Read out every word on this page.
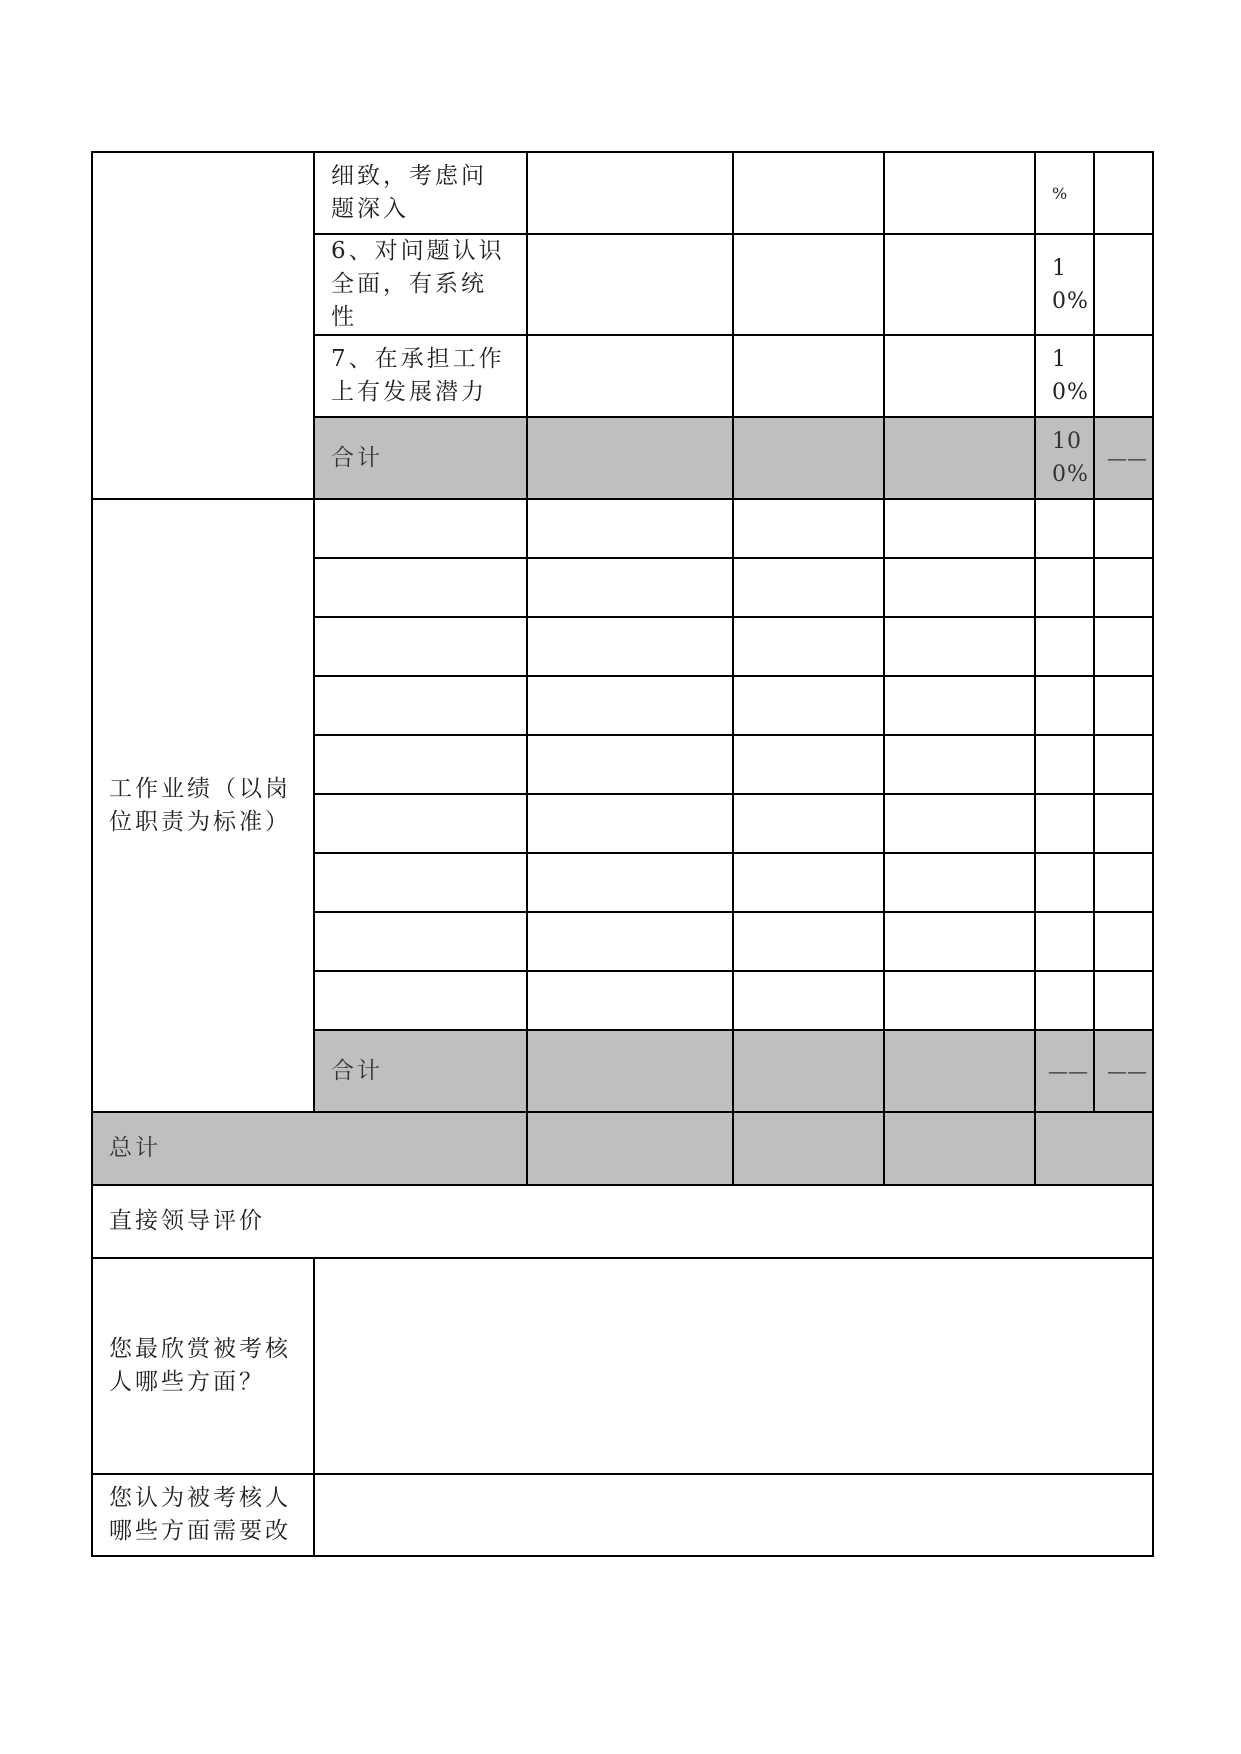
	细致，考虑问题深入				%	
	6、对问题认识全面，有系统性				10%	
	7、在承担工作上有发展潜力				10%	
	合计				100%	——
工作业绩（以岗位职责为标准）						

	合计				——	——
总计						
直接领导评价						
您最欣赏被考核人哪些方面？						
您认为被考核人哪些方面需要改						
